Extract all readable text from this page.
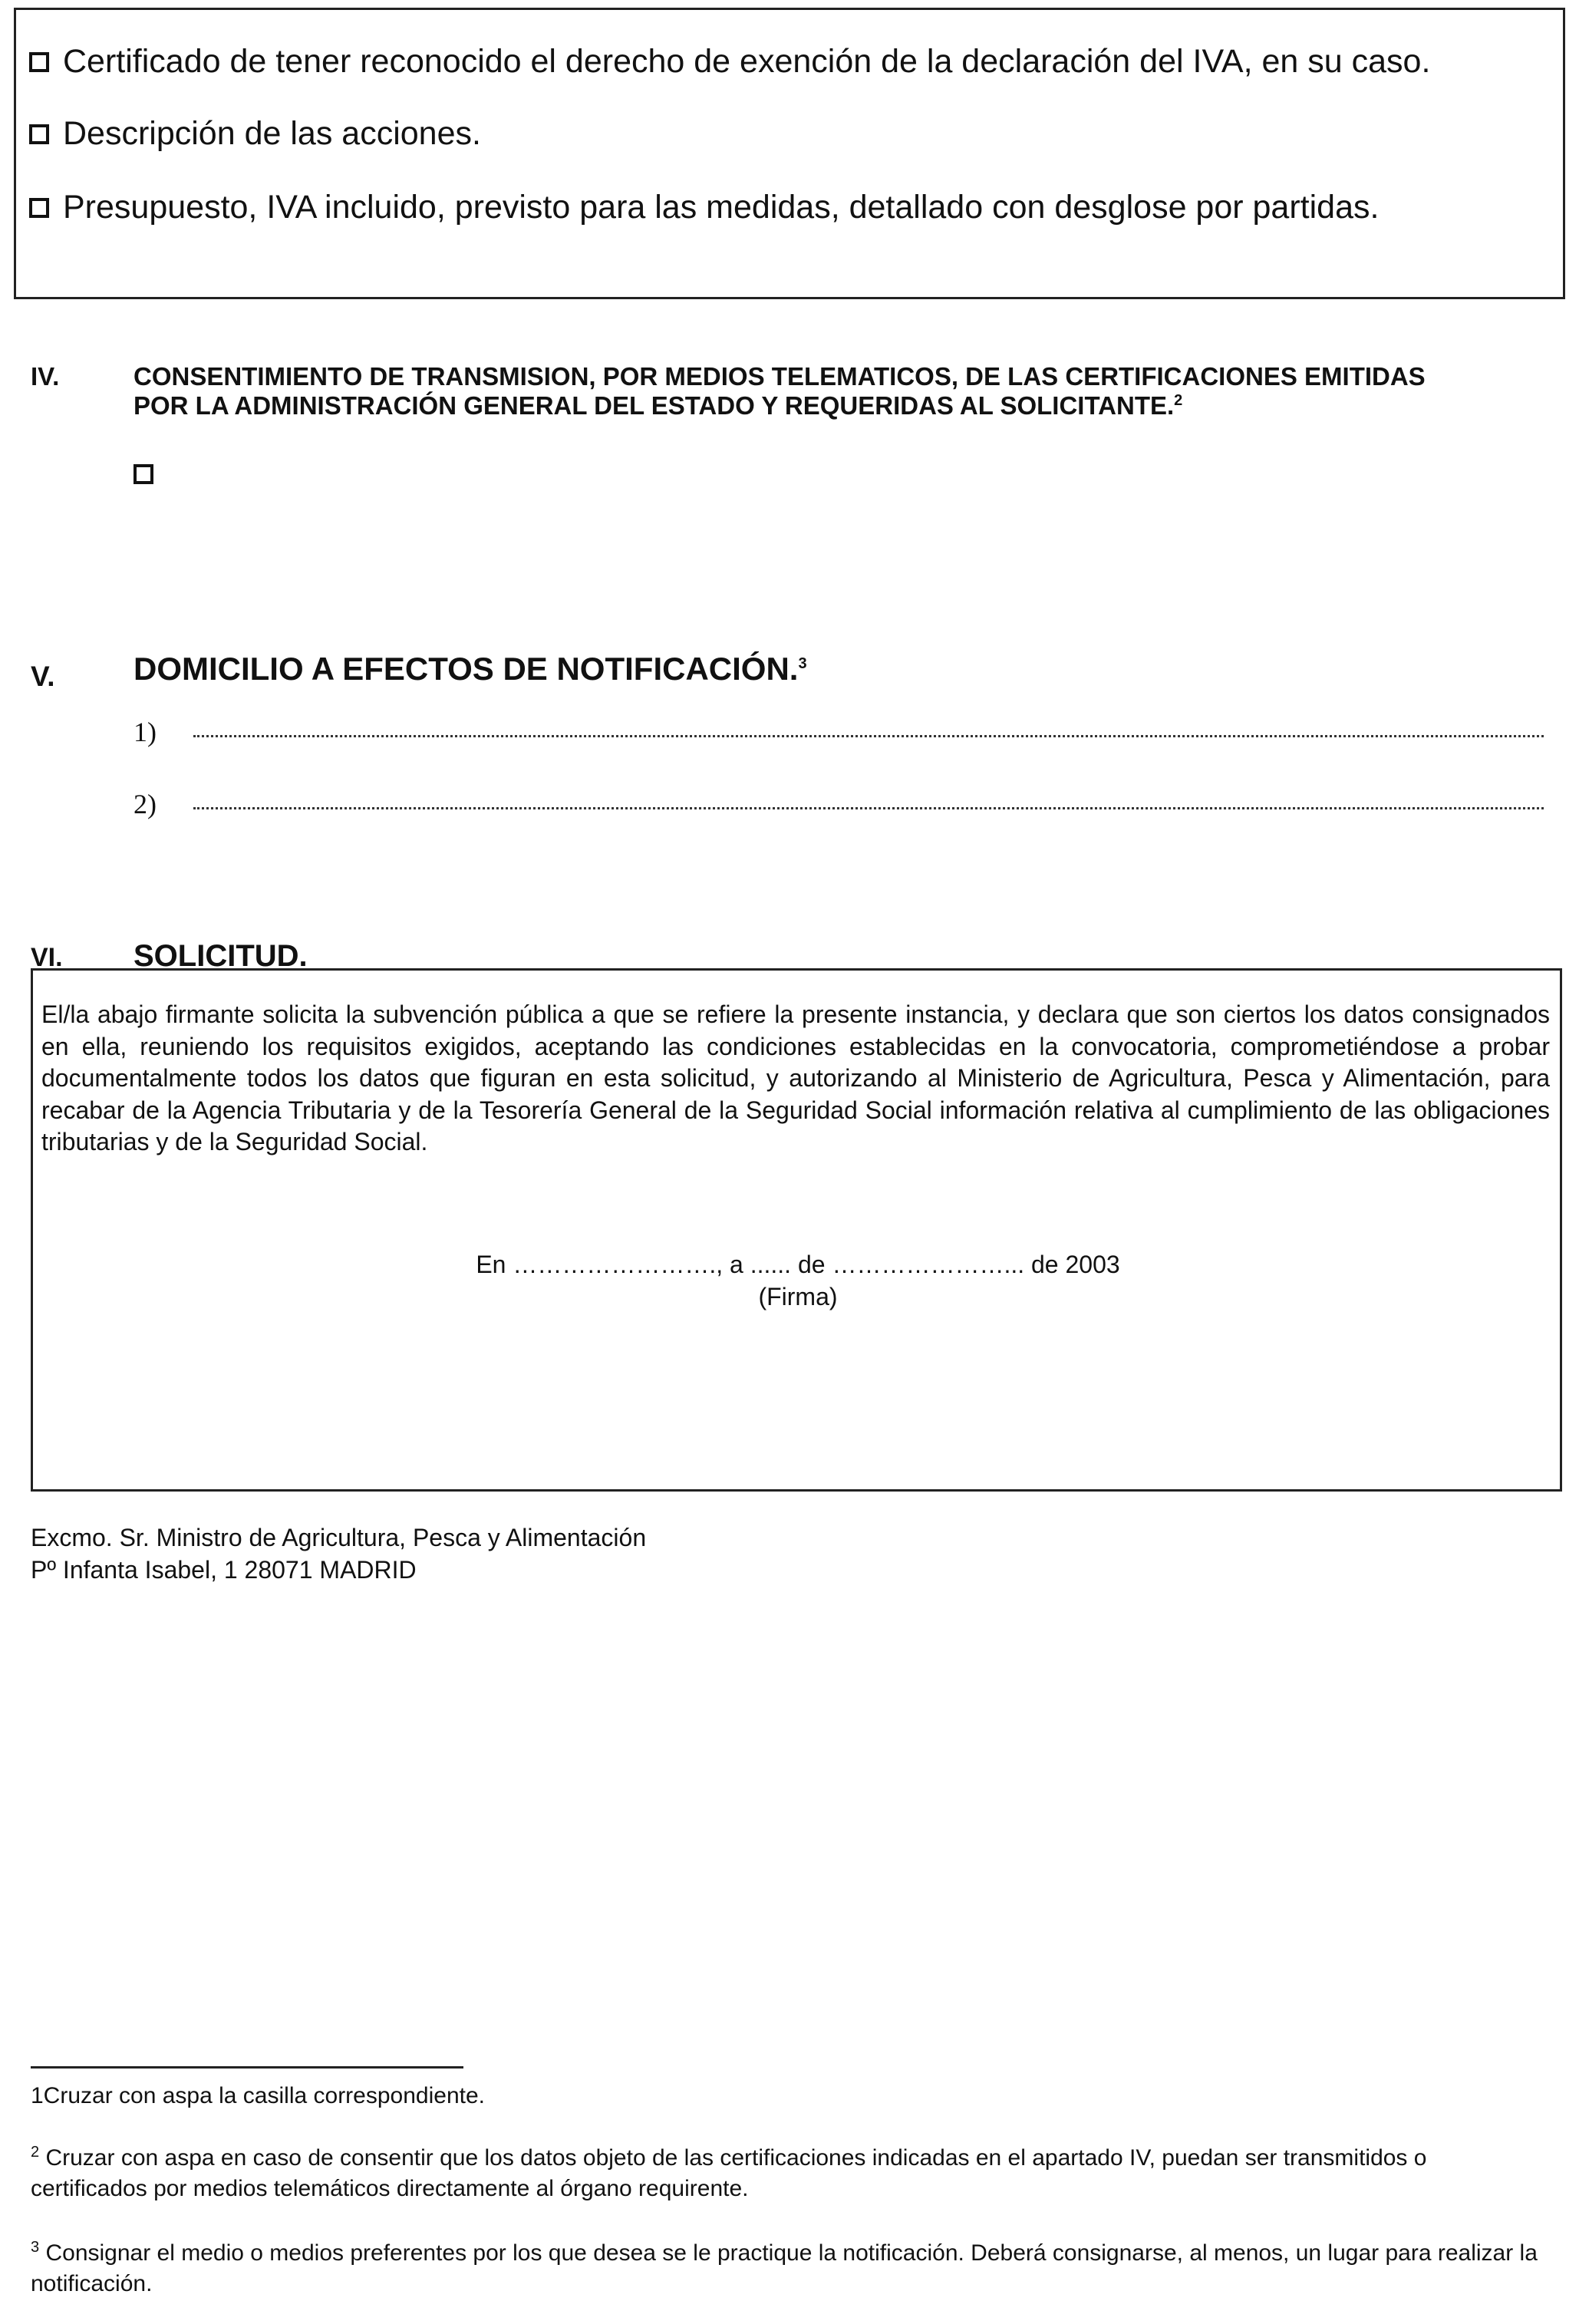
Certificado de tener reconocido el derecho de exención de la declaración del IVA, en su caso.
Descripción de las acciones.
Presupuesto, IVA incluido, previsto para las medidas, detallado con desglose por partidas.
IV.	CONSENTIMIENTO DE TRANSMISION, POR MEDIOS TELEMATICOS, DE LAS CERTIFICACIONES EMITIDAS
POR LA ADMINISTRACIÓN GENERAL DEL ESTADO Y REQUERIDAS AL SOLICITANTE.$^2$
V. DOMICILIO A EFECTOS DE NOTIFICACIÓN.$^3$
1)
2)
VI. SOLICITUD.
El/la abajo firmante solicita la subvención pública a que se refiere la presente instancia, y declara que son ciertos los datos consignados en ella, reuniendo los requisitos exigidos, aceptando las condiciones establecidas en la convocatoria, comprometiéndose a probar documentalmente todos los datos que figuran en esta solicitud, y autorizando al Ministerio de Agricultura, Pesca y Alimentación, para recabar de la Agencia Tributaria y de la Tesorería General de la Seguridad Social información relativa al cumplimiento de las obligaciones tributarias y de la Seguridad Social.
En ……………………., a ...... de …………………... de 2003
(Firma)
Excmo. Sr. Ministro de Agricultura, Pesca y Alimentación
Pº Infanta Isabel, 1 28071 MADRID
1Cruzar con aspa la casilla correspondiente.
$^2$ Cruzar con aspa en caso de consentir que los datos objeto de las certificaciones indicadas en el apartado IV, puedan ser transmitidos o certificados por medios telemáticos directamente al órgano requirente.
$^3$ Consignar el medio o medios preferentes por los que desea se le practique la notificación. Deberá consignarse, al menos, un lugar para realizar la notificación.
